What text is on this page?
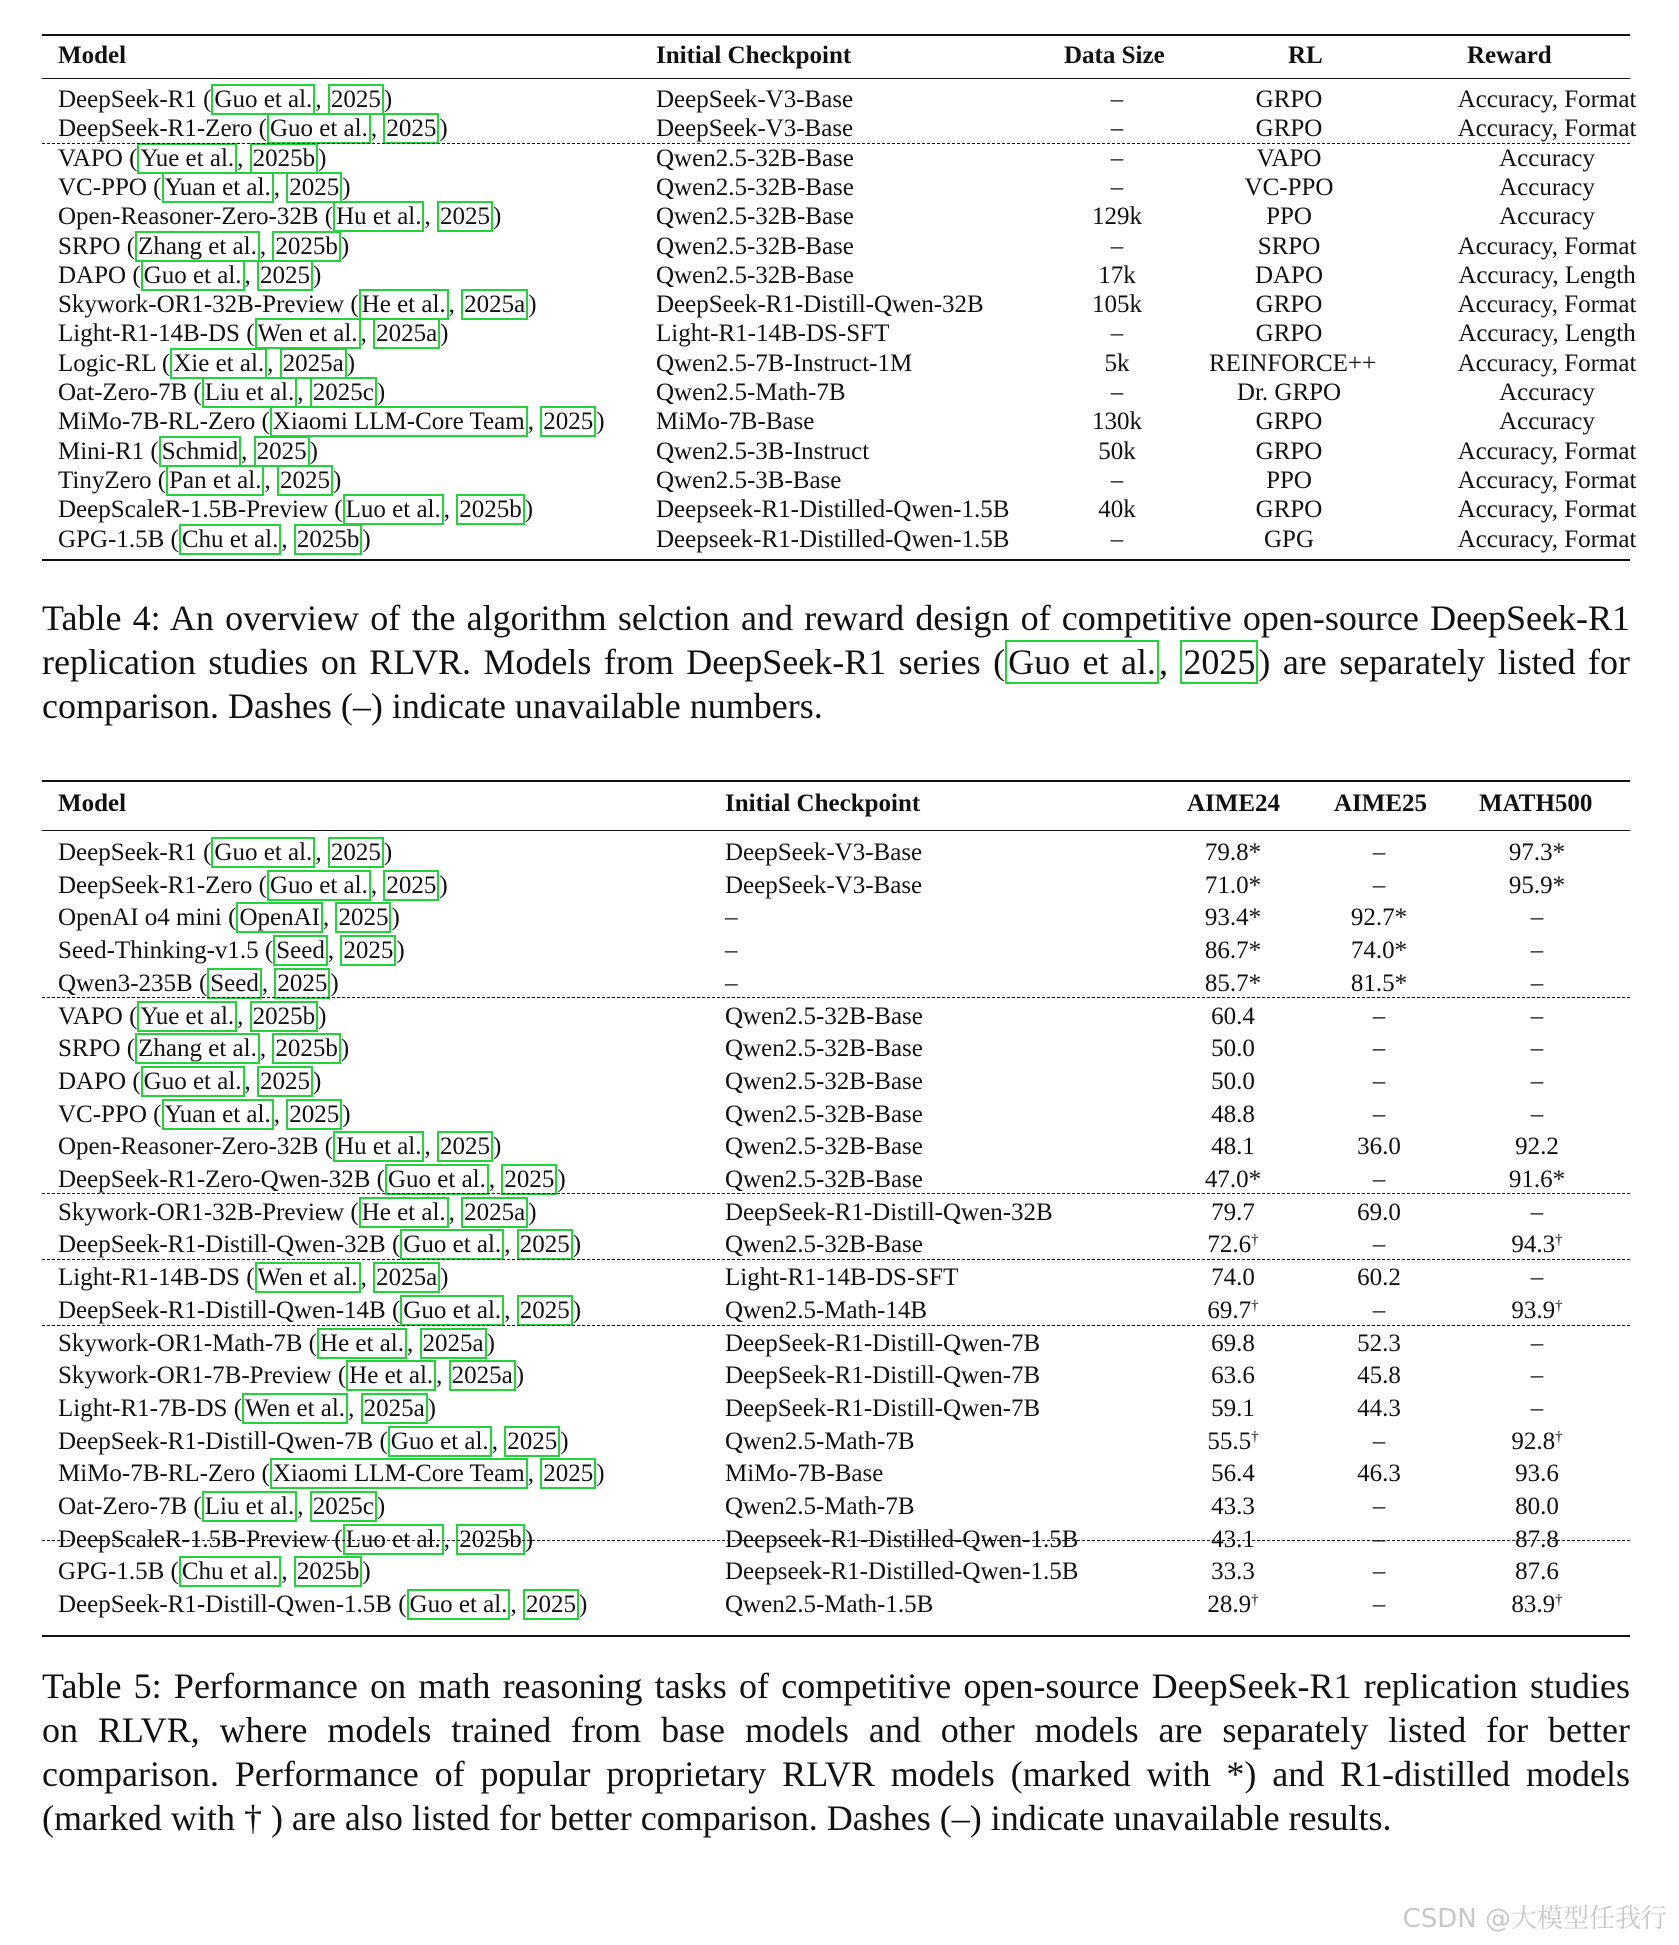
Model	Initial Checkpoint	Data Size	RL	Reward
DeepSeek-R1 ( Guo et al. , 2025 )	DeepSeek-V3-Base	–	GRPO	Accuracy, Format
DeepSeek-R1-Zero ( Guo et al. , 2025 )	DeepSeek-V3-Base	–	GRPO	Accuracy, Format
VAPO ( Yue et al. , 2025b )	Qwen2.5-32B-Base	–	VAPO	Accuracy
VC-PPO ( Yuan et al. , 2025 )	Qwen2.5-32B-Base	–	VC-PPO	Accuracy
Open-Reasoner-Zero-32B ( Hu et al. , 2025 )	Qwen2.5-32B-Base	129k	PPO	Accuracy
SRPO ( Zhang et al. , 2025b )	Qwen2.5-32B-Base	–	SRPO	Accuracy, Format
DAPO ( Guo et al. , 2025 )	Qwen2.5-32B-Base	17k	DAPO	Accuracy, Length
Skywork-OR1-32B-Preview ( He et al. , 2025a )	DeepSeek-R1-Distill-Qwen-32B	105k	GRPO	Accuracy, Format
Light-R1-14B-DS ( Wen et al. , 2025a )	Light-R1-14B-DS-SFT	–	GRPO	Accuracy, Length
Logic-RL ( Xie et al. , 2025a )	Qwen2.5-7B-Instruct-1M	5k	REINFORCE++	Accuracy, Format
Oat-Zero-7B ( Liu et al. , 2025c )	Qwen2.5-Math-7B	–	Dr. GRPO	Accuracy
MiMo-7B-RL-Zero ( Xiaomi LLM-Core Team , 2025 ) MiMo-7B-Base	130k	GRPO	Accuracy
Mini-R1 ( Schmid , 2025 )	Qwen2.5-3B-Instruct	50k	GRPO	Accuracy, Format
TinyZero ( Pan et al. , 2025 )	Qwen2.5-3B-Base	–	PPO	Accuracy, Format
DeepScaleR-1.5B-Preview ( Luo et al. , 2025b )	Deepseek-R1-Distilled-Qwen-1.5B	40k	GRPO	Accuracy, Format
GPG-1.5B ( Chu et al. , 2025b )	Deepseek-R1-Distilled-Qwen-1.5B	–	GPG	Accuracy, Format
Table 4: An overview of the algorithm selction and reward design of competitive open-source DeepSeek-R1 replication studies on RLVR. Models from DeepSeek-R1 series (Guo et al., 2025) are separately listed for comparison. Dashes (–) indicate unavailable numbers.
Model	Initial Checkpoint	AIME24 AIME25 MATH500
DeepSeek-R1 ( Guo et al. , 2025 )	DeepSeek-V3-Base	79.8*	–	97.3*
DeepSeek-R1-Zero ( Guo et al. , 2025 )	DeepSeek-V3-Base	71.0*	–	95.9*
OpenAI o4 mini ( OpenAI , 2025 )	–	93.4*	92.7*	–
Seed-Thinking-v1.5 ( Seed , 2025 )	–	86.7*	74.0*	–
Qwen3-235B ( Seed , 2025 )	–	85.7*	81.5*	–
VAPO ( Yue et al. , 2025b )	Qwen2.5-32B-Base	60.4	–	–
SRPO ( Zhang et al. , 2025b )	Qwen2.5-32B-Base	50.0	–	–
DAPO ( Guo et al. , 2025 )	Qwen2.5-32B-Base	50.0	–	–
VC-PPO ( Yuan et al. , 2025 )	Qwen2.5-32B-Base	48.8	–	–
Open-Reasoner-Zero-32B ( Hu et al. , 2025 )	Qwen2.5-32B-Base	48.1	36.0	92.2
DeepSeek-R1-Zero-Qwen-32B ( Guo et al. , 2025 )	Qwen2.5-32B-Base	47.0*	–	91.6*
Skywork-OR1-32B-Preview ( He et al. , 2025a )	DeepSeek-R1-Distill-Qwen-32B	79.7	69.0	–
DeepSeek-R1-Distill-Qwen-32B ( Guo et al. , 2025 )	Qwen2.5-32B-Base	72.6†	–	94.3†
Light-R1-14B-DS ( Wen et al. , 2025a )	Light-R1-14B-DS-SFT	74.0	60.2	–
DeepSeek-R1-Distill-Qwen-14B ( Guo et al. , 2025 )	Qwen2.5-Math-14B	69.7†	–	93.9†
Skywork-OR1-Math-7B ( He et al. , 2025a )	DeepSeek-R1-Distill-Qwen-7B	69.8	52.3	–
Skywork-OR1-7B-Preview ( He et al. , 2025a )	DeepSeek-R1-Distill-Qwen-7B	63.6	45.8	–
Light-R1-7B-DS ( Wen et al. , 2025a )	DeepSeek-R1-Distill-Qwen-7B	59.1	44.3	–
DeepSeek-R1-Distill-Qwen-7B ( Guo et al. , 2025 )	Qwen2.5-Math-7B	55.5†	–	92.8†
MiMo-7B-RL-Zero ( Xiaomi LLM-Core Team , 2025 )	MiMo-7B-Base	56.4	46.3	93.6
Oat-Zero-7B ( Liu et al. , 2025c )	Qwen2.5-Math-7B	43.3	–	80.0
DeepScaleR-1.5B-Preview ( Luo et al. , 2025b )	Deepseek-R1-Distilled-Qwen-1.5B	43.1	–	87.8
GPG-1.5B ( Chu et al. , 2025b )	Deepseek-R1-Distilled-Qwen-1.5B	33.3	–	87.6
DeepSeek-R1-Distill-Qwen-1.5B ( Guo et al. , 2025 )	Qwen2.5-Math-1.5B	28.9†	–	83.9†
Table 5: Performance on math reasoning tasks of competitive open-source DeepSeek-R1 replication studies on RLVR, where models trained from base models and other models are separately listed for better comparison. Performance of popular proprietary RLVR models (marked with *) and R1-distilled models (marked with † ) are also listed for better comparison. Dashes (–) indicate unavailable results.
CSDN @大模型任我行
